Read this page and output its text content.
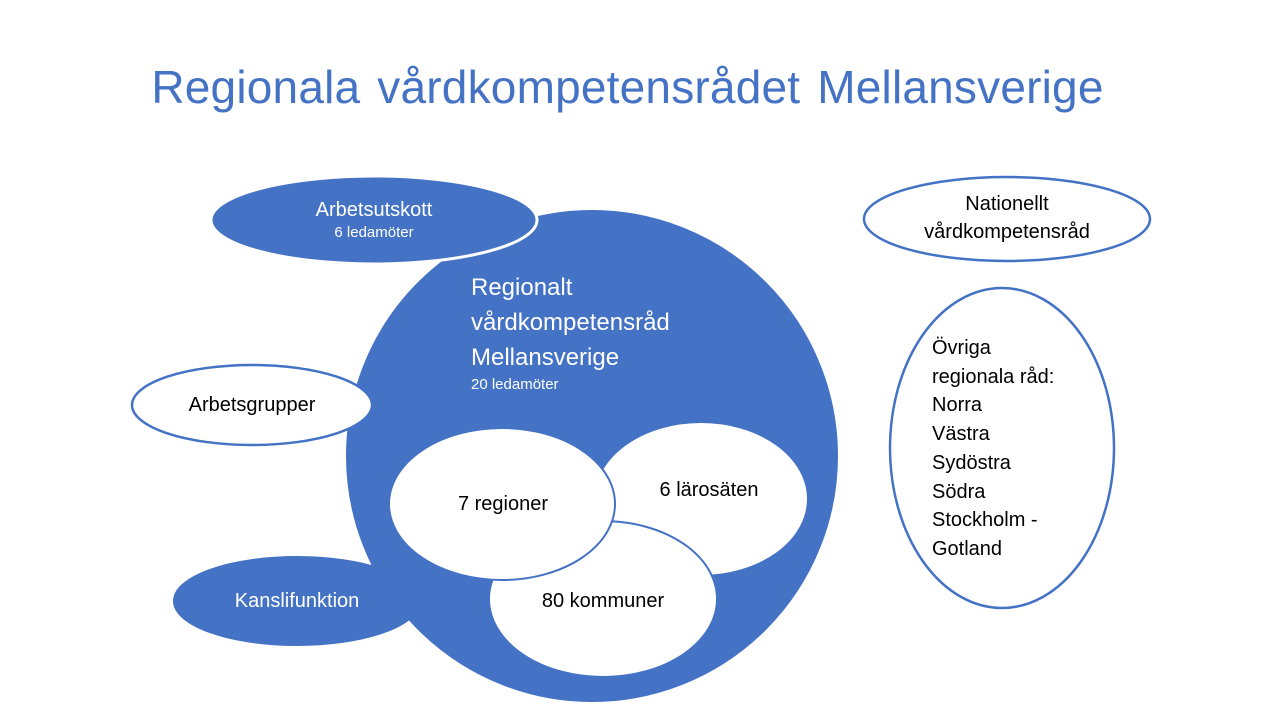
Regionala vårdkompetensrådet Mellansverige
Arbetsutskott
6 ledamöter
Regionalt
vårdkompetensråd
Mellansverige
20 ledamöter
Arbetsgrupper
Kanslifunktion
7 regioner
6 lärosäten
80 kommuner
Nationellt
vårdkompetensråd
Övriga
regionala råd:
Norra
Västra
Sydöstra
Södra
Stockholm -
Gotland
